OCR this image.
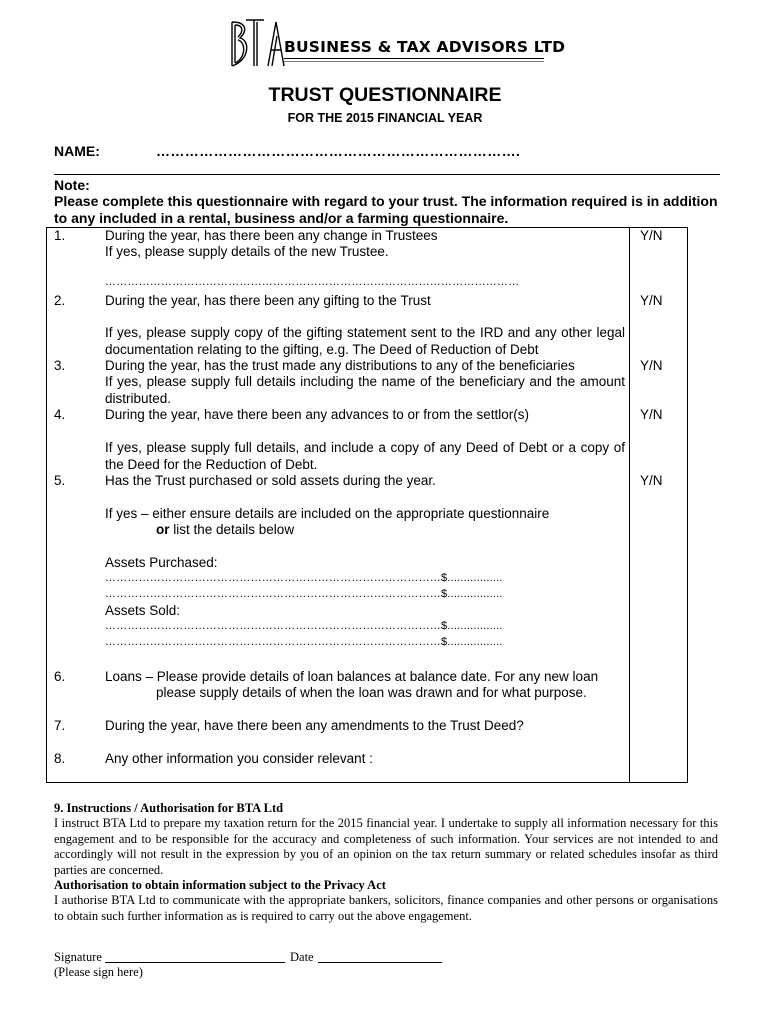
BUSINESS & TAX ADVISORS LTD
TRUST QUESTIONNAIRE
FOR THE 2015 FINANCIAL YEAR
NAME:	………………………………………………………………….
Note:
Please complete this questionnaire with regard to your trust. The information required is in addition to any included in a rental, business and/or a farming questionnaire.
1.	During the year, has there been any change in Trustees	Y/N
If yes, please supply details of the new Trustee.
…………………………………………………………………………………………………
2.	During the year, has there been any gifting to the Trust	Y/N
If yes, please supply copy of the gifting statement sent to the IRD and any other legal documentation relating to the gifting, e.g. The Deed of Reduction of Debt
3.	During the year, has the trust made any distributions to any of the beneficiaries	Y/N
If yes, please supply full details including the name of the beneficiary and the amount distributed.
4.	During the year, have there been any advances to or from the settlor(s)	Y/N
If yes, please supply full details, and include a copy of any Deed of Debt or a copy of the Deed for the Reduction of Debt.
5.	Has the Trust purchased or sold assets during the year.	Y/N
If yes – either ensure details are included on the appropriate questionnaire
or list the details below
Assets Purchased:
………………………………………………………………………………$.................
………………………………………………………………………………$.................
Assets Sold:
………………………………………………………………………………$.................
………………………………………………………………………………$.................
6.	Loans – Please provide details of loan balances at balance date. For any new loan
please supply details of when the loan was drawn and for what purpose.
7.	During the year, have there been any amendments to the Trust Deed?
8.	Any other information you consider relevant :
9. Instructions / Authorisation for BTA Ltd
I instruct BTA Ltd to prepare my taxation return for the 2015 financial year. I undertake to supply all information necessary for this engagement and to be responsible for the accuracy and completeness of such information. Your services are not intended to and accordingly will not result in the expression by you of an opinion on the tax return summary or related schedules insofar as third parties are concerned.
Authorisation to obtain information subject to the Privacy Act
I authorise BTA Ltd to communicate with the appropriate bankers, solicitors, finance companies and other persons or organisations to obtain such further information as is required to carry out the above engagement.
Signature	Date
(Please sign here)
